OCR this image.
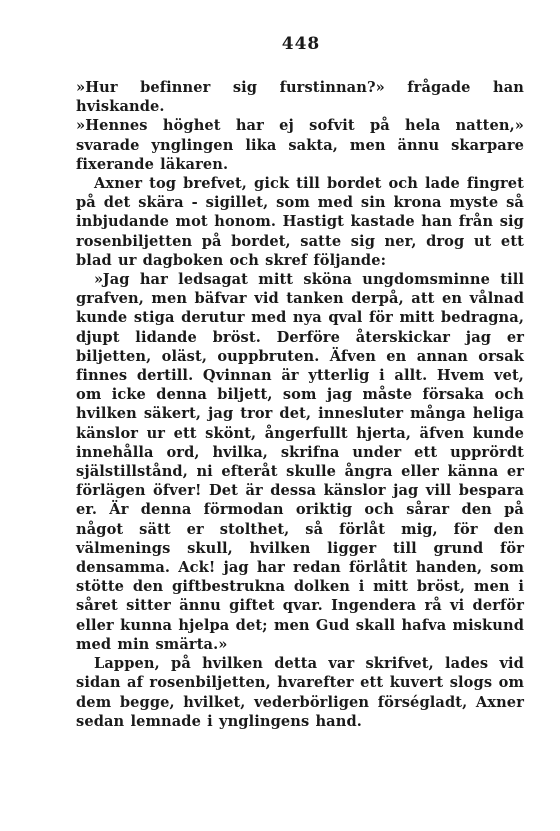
448

»Hur befinner sig furstinnan?» frågade han hviskande.

»Hennes höghet har ej sofvit på hela natten,» svarade ynglingen lika sakta, men ännu skarpare fixerande läkaren.

Axner tog brefvet, gick till bordet och lade fingret på det skära - sigillet, som med sin krona myste så inbjudande mot honom. Hastigt kastade han från sig rosenbiljetten på bordet, satte sig ner, drog ut ett blad ur dagboken och skref följande:

»Jag har ledsagat mitt sköna ungdomsminne till grafven, men bäfvar vid tanken derpå, att en vålnad kunde stiga derutur med nya qval för mitt bedragna, djupt lidande bröst. Derföre återskickar jag er biljetten, oläst, ouppbruten. Äfven en annan orsak finnes dertill. Qvinnan är ytterlig i allt. Hvem vet, om icke denna biljett, som jag måste försaka och hvilken säkert, jag tror det, innesluter många heliga känslor ur ett skönt, ångerfullt hjerta, äfven kunde innehålla ord, hvilka, skrifna under ett upprördt själstillstånd, ni efteråt skulle ångra eller känna er förlägen öfver! Det är dessa känslor jag vill bespara er. Är denna förmodan oriktig och sårar den på något sätt er stolthet, så förlåt mig, för den välmenings skull, hvilken ligger till grund för densamma. Ack! jag har redan förlåtit handen, som stötte den giftbestrukna dolken i mitt bröst, men i såret sitter ännu giftet qvar. Ingendera rå vi derför eller kunna hjelpa det; men Gud skall hafva miskund med min smärta.»

Lappen, på hvilken detta var skrifvet, lades vid sidan af rosenbiljetten, hvarefter ett kuvert slogs om dem begge, hvilket, vederbörligen förségladt, Axner sedan lemnade i ynglingens hand.
